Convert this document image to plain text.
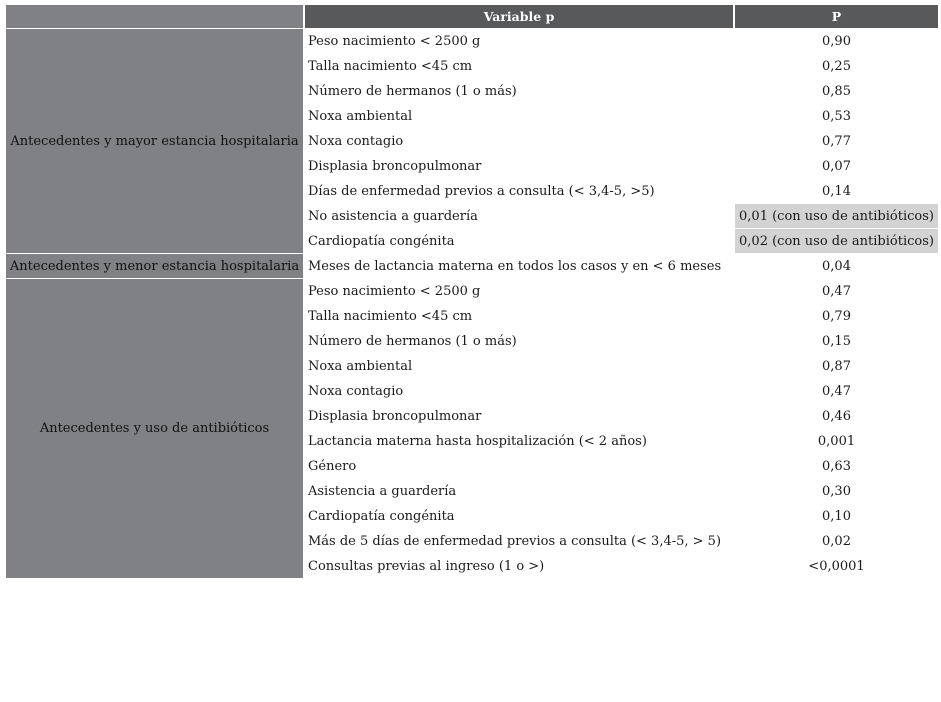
	Variable p	P
Antecedentes y mayor estancia hospitalaria	Peso nacimiento < 2500 g	0,90
	Talla nacimiento <45 cm	0,25
	Número de hermanos (1 o más)	0,85
	Noxa ambiental	0,53
	Noxa contagio	0,77
	Displasia broncopulmonar	0,07
	Días de enfermedad previos a consulta (< 3,4-5, >5)	0,14
	No asistencia a guardería	0,01 (con uso de antibióticos)
	Cardiopatía congénita	0,02 (con uso de antibióticos)
Antecedentes y menor estancia hospitalaria	Meses de lactancia materna en todos los casos y en < 6 meses	0,04
Antecedentes y uso de antibióticos	Peso nacimiento < 2500 g	0,47
	Talla nacimiento <45 cm	0,79
	Número de hermanos (1 o más)	0,15
	Noxa ambiental	0,87
	Noxa contagio	0,47
	Displasia broncopulmonar	0,46
	Lactancia materna hasta hospitalización (< 2 años)	0,001
	Género	0,63
	Asistencia a guardería	0,30
	Cardiopatía congénita	0,10
	Más de 5 días de enfermedad previos a consulta (< 3,4-5, > 5)	0,02
	Consultas previas al ingreso (1 o >)	<0,0001
